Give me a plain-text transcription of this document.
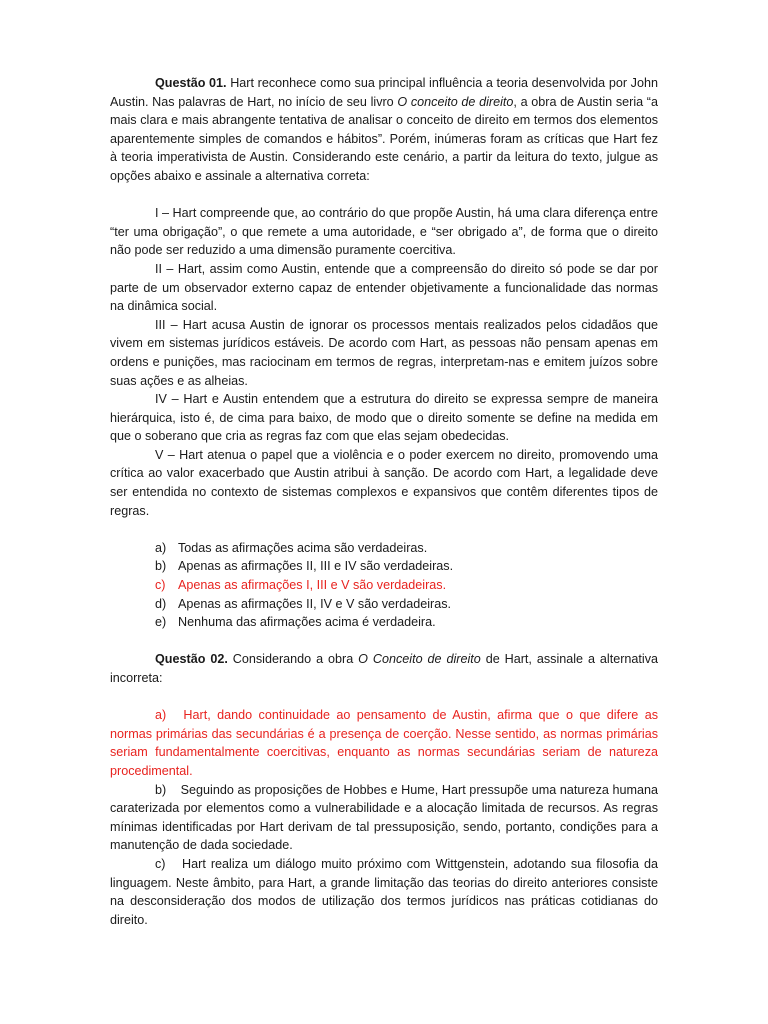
Questão 01. Hart reconhece como sua principal influência a teoria desenvolvida por John Austin. Nas palavras de Hart, no início de seu livro O conceito de direito, a obra de Austin seria “a mais clara e mais abrangente tentativa de analisar o conceito de direito em termos dos elementos aparentemente simples de comandos e hábitos”. Porém, inúmeras foram as críticas que Hart fez à teoria imperativista de Austin. Considerando este cenário, a partir da leitura do texto, julgue as opções abaixo e assinale a alternativa correta:

I – Hart compreende que, ao contrário do que propõe Austin, há uma clara diferença entre “ter uma obrigação”, o que remete a uma autoridade, e “ser obrigado a”, de forma que o direito não pode ser reduzido a uma dimensão puramente coercitiva.

II – Hart, assim como Austin, entende que a compreensão do direito só pode se dar por parte de um observador externo capaz de entender objetivamente a funcionalidade das normas na dinâmica social.

III – Hart acusa Austin de ignorar os processos mentais realizados pelos cidadãos que vivem em sistemas jurídicos estáveis. De acordo com Hart, as pessoas não pensam apenas em ordens e punições, mas raciocinam em termos de regras, interpretam-nas e emitem juízos sobre suas ações e as alheias.

IV – Hart e Austin entendem que a estrutura do direito se expressa sempre de maneira hierárquica, isto é, de cima para baixo, de modo que o direito somente se define na medida em que o soberano que cria as regras faz com que elas sejam obedecidas.

V – Hart atenua o papel que a violência e o poder exercem no direito, promovendo uma crítica ao valor exacerbado que Austin atribui à sanção. De acordo com Hart, a legalidade deve ser entendida no contexto de sistemas complexos e expansivos que contêm diferentes tipos de regras.

a) Todas as afirmações acima são verdadeiras.
b) Apenas as afirmações II, III e IV são verdadeiras.
c) Apenas as afirmações I, III e V são verdadeiras.
d) Apenas as afirmações II, IV e V são verdadeiras.
e) Nenhuma das afirmações acima é verdadeira.

Questão 02. Considerando a obra O Conceito de direito de Hart, assinale a alternativa incorreta:

a) Hart, dando continuidade ao pensamento de Austin, afirma que o que difere as normas primárias das secundárias é a presença de coerção. Nesse sentido, as normas primárias seriam fundamentalmente coercitivas, enquanto as normas secundárias seriam de natureza procedimental.

b) Seguindo as proposições de Hobbes e Hume, Hart pressupõe uma natureza humana caraterizada por elementos como a vulnerabilidade e a alocação limitada de recursos. As regras mínimas identificadas por Hart derivam de tal pressuposição, sendo, portanto, condições para a manutenção de dada sociedade.

c) Hart realiza um diálogo muito próximo com Wittgenstein, adotando sua filosofia da linguagem. Neste âmbito, para Hart, a grande limitação das teorias do direito anteriores consiste na desconsideração dos modos de utilização dos termos jurídicos nas práticas cotidianas do direito.
